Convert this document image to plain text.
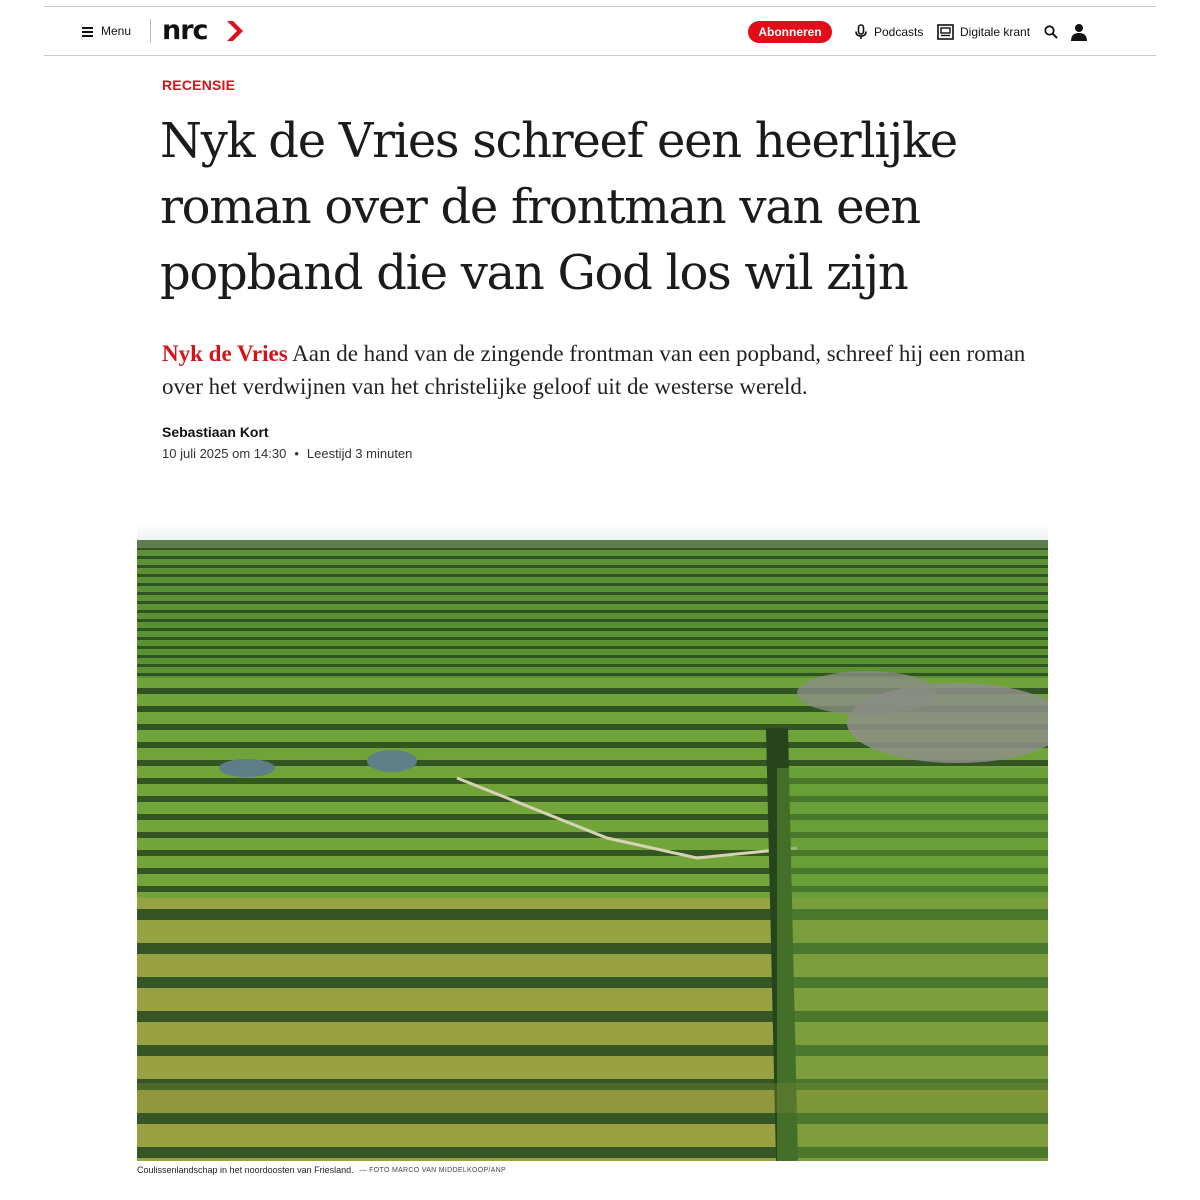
Menu nrc	Abonneren	Podcasts	Digitale krant
RECENSIE
Nyk de Vries schreef een heerlijke roman over de frontman van een popband die van God los wil zijn

Nyk de Vries Aan de hand van de zingende frontman van een popband, schreef hij een roman over het verdwijnen van het christelijke geloof uit de westerse wereld.

Sebastiaan Kort
10 juli 2025 om 14:30 • Leestijd 3 minuten
Coulissenlandschap in het noordoosten van Friesland. — FOTO MARCO VAN MIDDELKOOP/ANP
